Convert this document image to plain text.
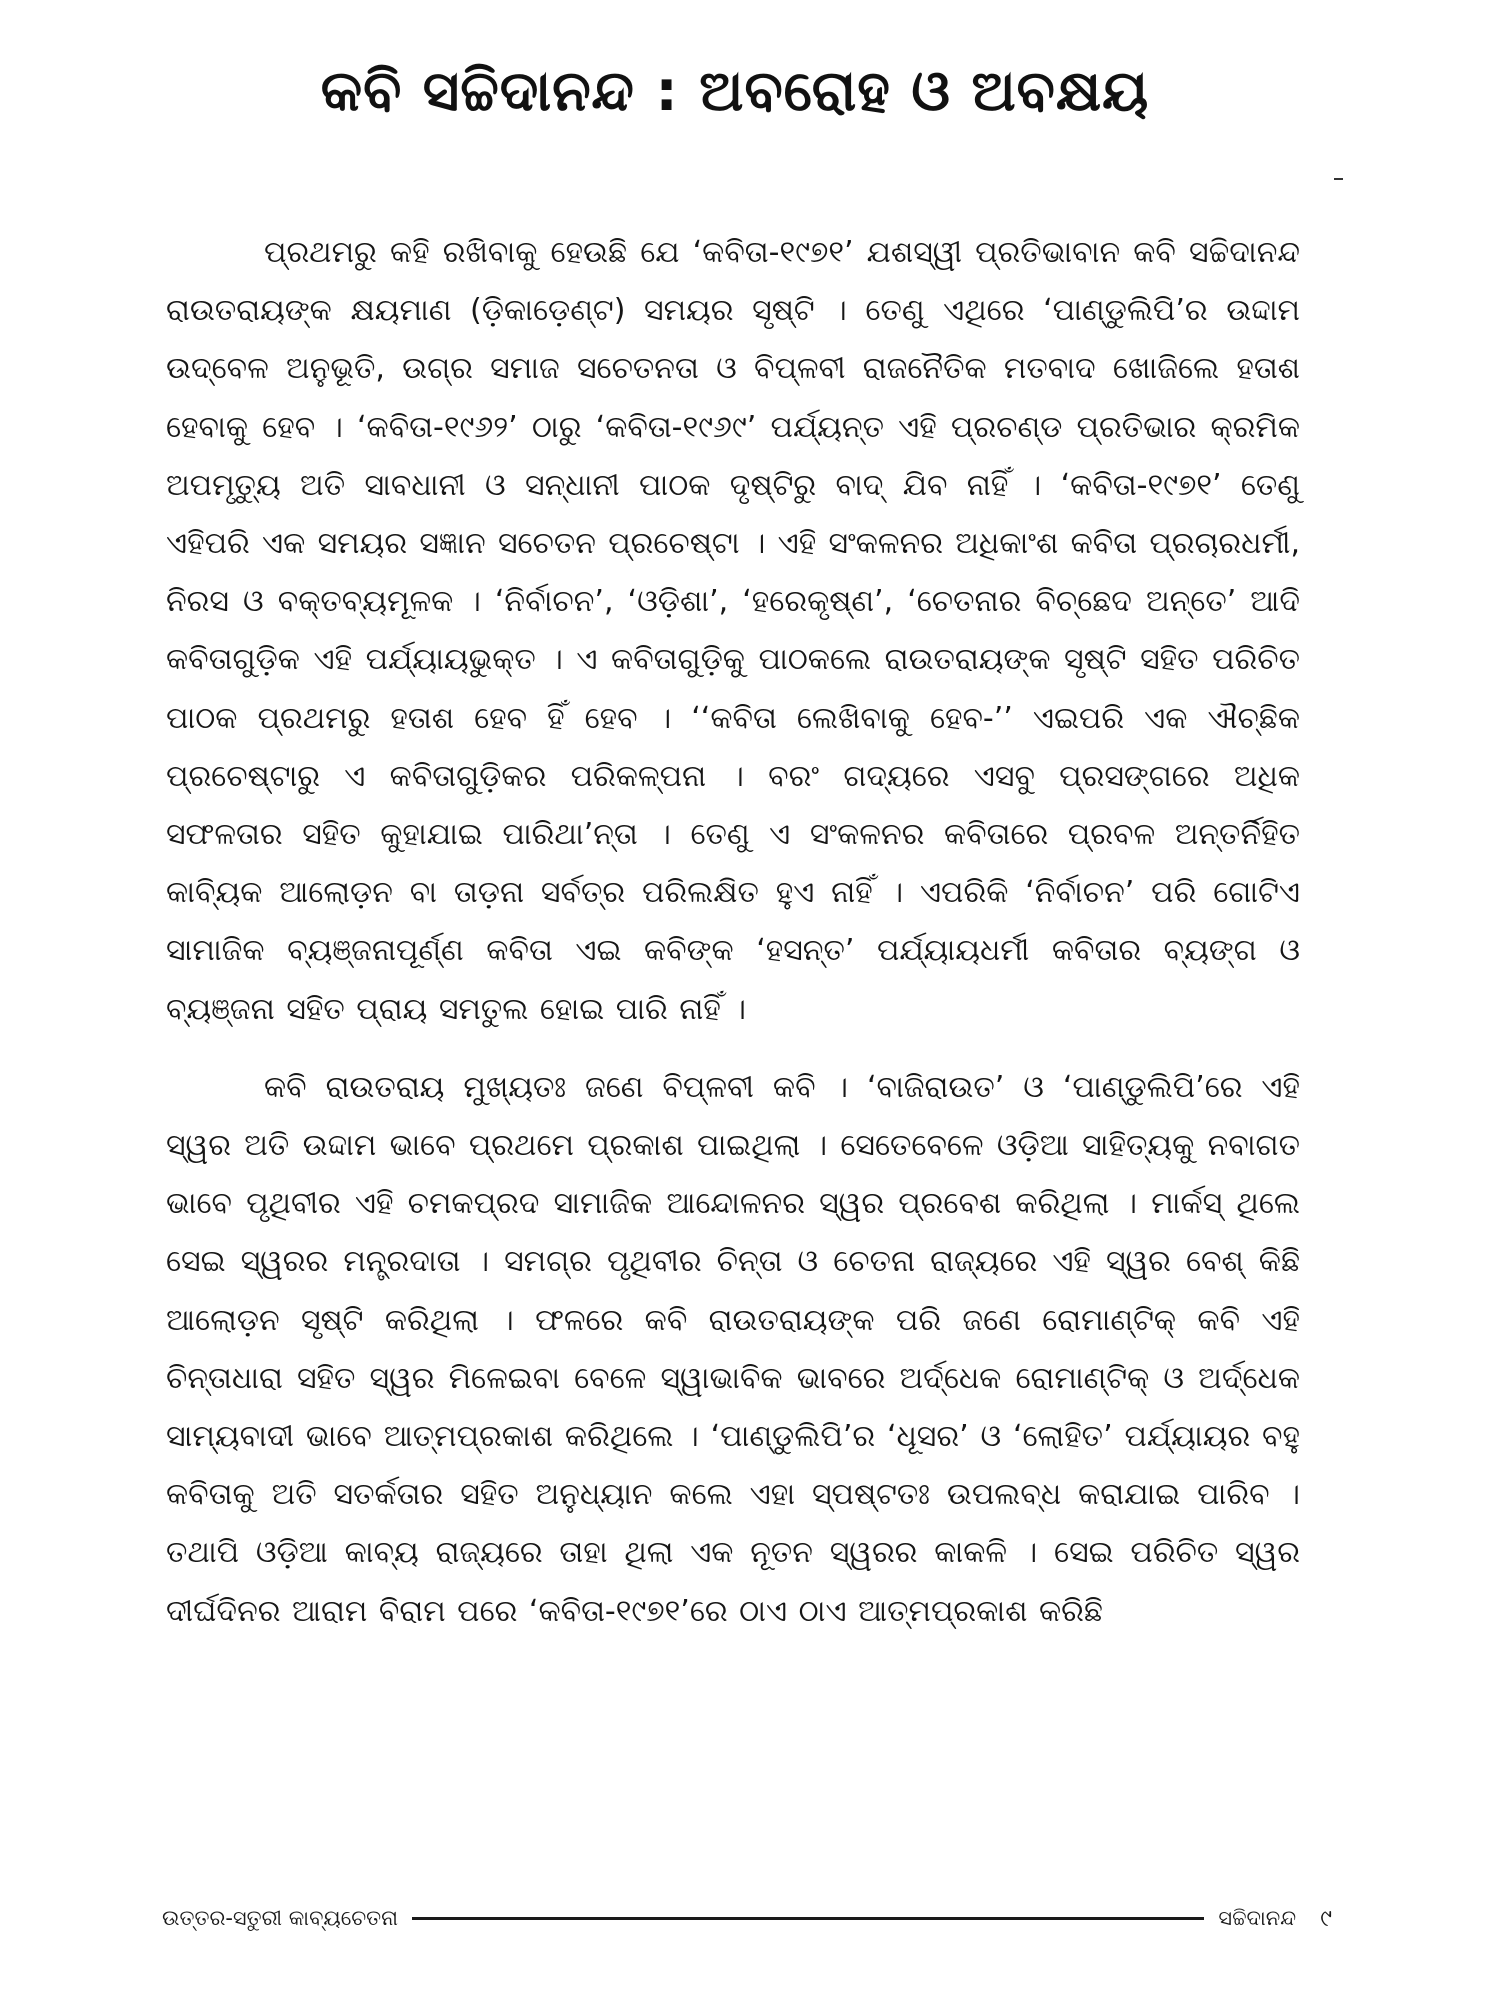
କବି ସଚ୍ଚିଦାନନ୍ଦ : ଅବରୋହ ଓ ଅବକ୍ଷୟ

ପ୍ରଥମରୁ କହି ରଖିବାକୁ ହେଉଛି ଯେ ‘କବିତା-୧୯୭୧’ ଯଶସ୍ୱୀ ପ୍ରତିଭାବାନ କବି ସଚ୍ଚିଦାନନ୍ଦ ରାଉତରାୟଙ୍କ କ୍ଷୟମାଣ (ଡ଼ିକାଡ଼େଣ୍ଟ) ସମୟର ସୃଷ୍ଟି । ତେଣୁ ଏଥିରେ ‘ପାଣ୍ଡୁଲିପି’ର ଉଦ୍ଦାମ ଉଦ୍‌ବେଳ ଅନୁଭୂତି, ଉଗ୍ର ସମାଜ ସଚେତନତା ଓ ବିପ୍ଳବୀ ରାଜନୈତିକ ମତବାଦ ଖୋଜିଲେ ହତାଶ ହେବାକୁ ହେବ । ‘କବିତା-୧୯୬୨’ ଠାରୁ ‘କବିତା-୧୯୬୯’ ପର୍ଯ୍ୟନ୍ତ ଏହି ପ୍ରଚଣ୍ଡ ପ୍ରତିଭାର କ୍ରମିକ ଅପମୃତ୍ୟୁ ଅତି ସାବଧାନୀ ଓ ସନ୍ଧାନୀ ପାଠକ ଦୃଷ୍ଟିରୁ ବାଦ୍ ଯିବ ନାହିଁ । ‘କବିତା-୧୯୭୧’ ତେଣୁ ଏହିପରି ଏକ ସମୟର ସଜ୍ଞାନ ସଚେତନ ପ୍ରଚେଷ୍ଟା । ଏହି ସଂକଳନର ଅଧିକାଂଶ କବିତା ପ୍ରଚାରଧର୍ମୀ, ନିରସ ଓ ବକ୍ତବ୍ୟମୂଳକ । ‘ନିର୍ବାଚନ’, ‘ଓଡ଼ିଶା’, ‘ହରେକୃଷ୍ଣ’, ‘ଚେତନାର ବିଚ୍ଛେଦ ଅନ୍ତେ’ ଆଦି କବିତାଗୁଡ଼ିକ ଏହି ପର୍ଯ୍ୟାୟଭୁକ୍ତ । ଏ କବିତାଗୁଡ଼ିକୁ ପାଠକଲେ ରାଉତରାୟଙ୍କ ସୃଷ୍ଟି ସହିତ ପରିଚିତ ପାଠକ ପ୍ରଥମରୁ ହତାଶ ହେବ ହିଁ ହେବ । ‘‘କବିତା ଲେଖିବାକୁ ହେବ-’’ ଏଇପରି ଏକ ଐଚ୍ଛିକ ପ୍ରଚେଷ୍ଟାରୁ ଏ କବିତାଗୁଡ଼ିକର ପରିକଳ୍ପନା । ବରଂ ଗଦ୍ୟରେ ଏସବୁ ପ୍ରସଙ୍ଗରେ ଅଧିକ ସଫଳତାର ସହିତ କୁହାଯାଇ ପାରିଥା’ନ୍ତା । ତେଣୁ ଏ ସଂକଳନର କବିତାରେ ପ୍ରବଳ ଅନ୍ତର୍ନିହିତ କାବ୍ୟିକ ଆଲୋଡ଼ନ ବା ତାଡ଼ନା ସର୍ବତ୍ର ପରିଲକ୍ଷିତ ହୁଏ ନାହିଁ । ଏପରିକି ‘ନିର୍ବାଚନ’ ପରି ଗୋଟିଏ ସାମାଜିକ ବ୍ୟଞ୍ଜନାପୂର୍ଣ୍ଣ କବିତା ଏଇ କବିଙ୍କ ‘ହସନ୍ତ’ ପର୍ଯ୍ୟାୟଧର୍ମୀ କବିତାର ବ୍ୟଙ୍ଗ ଓ ବ୍ୟଞ୍ଜନା ସହିତ ପ୍ରାୟ ସମତୁଲ ହୋଇ ପାରି ନାହିଁ ।

କବି ରାଉତରାୟ ମୁଖ୍ୟତଃ ଜଣେ ବିପ୍ଳବୀ କବି । ‘ବାଜିରାଉତ’ ଓ ‘ପାଣ୍ଡୁଲିପି’ରେ ଏହି ସ୍ୱର ଅତି ଉଦ୍ଦାମ ଭାବେ ପ୍ରଥମେ ପ୍ରକାଶ ପାଇଥିଲା । ସେତେବେଳେ ଓଡ଼ିଆ ସାହିତ୍ୟକୁ ନବାଗତ ଭାବେ ପୃଥିବୀର ଏହି ଚମକପ୍ରଦ ସାମାଜିକ ଆନ୍ଦୋଳନର ସ୍ୱର ପ୍ରବେଶ କରିଥିଲା । ମାର୍କସ୍ ଥିଲେ ସେଇ ସ୍ୱରର ମନ୍ତ୍ରଦାତା । ସମଗ୍ର ପୃଥିବୀର ଚିନ୍ତା ଓ ଚେତନା ରାଜ୍ୟରେ ଏହି ସ୍ୱର ବେଶ୍ କିଛି ଆଲୋଡ଼ନ ସୃଷ୍ଟି କରିଥିଲା । ଫଳରେ କବି ରାଉତରାୟଙ୍କ ପରି ଜଣେ ରୋମାଣ୍ଟିକ୍ କବି ଏହି ଚିନ୍ତାଧାରା ସହିତ ସ୍ୱର ମିଳେଇବା ବେଳେ ସ୍ୱାଭାବିକ ଭାବରେ ଅର୍ଦ୍ଧେକ ରୋମାଣ୍ଟିକ୍ ଓ ଅର୍ଦ୍ଧେକ ସାମ୍ୟବାଦୀ ଭାବେ ଆତ୍ମପ୍ରକାଶ କରିଥିଲେ । ‘ପାଣ୍ଡୁଲିପି’ର ‘ଧୂସର’ ଓ ‘ଲୋହିତ’ ପର୍ଯ୍ୟାୟର ବହୁ କବିତାକୁ ଅତି ସତର୍କତାର ସହିତ ଅନୁଧ୍ୟାନ କଲେ ଏହା ସ୍ପଷ୍ଟତଃ ଉପଲବ୍ଧ କରାଯାଇ ପାରିବ । ତଥାପି ଓଡ଼ିଆ କାବ୍ୟ ରାଜ୍ୟରେ ତାହା ଥିଲା ଏକ ନୂତନ ସ୍ୱରର କାକଳି । ସେଇ ପରିଚିତ ସ୍ୱର ଦୀର୍ଘଦିନର ଆରାମ ବିରାମ ପରେ ‘କବିତା-୧୯୭୧’ରେ ଠାଏ ଠାଏ ଆତ୍ମପ୍ରକାଶ କରିଛି

ଉତ୍ତର-ସତୁରୀ କାବ୍ୟଚେତନା	ସଚ୍ଚିଦାନନ୍ଦ ୯
